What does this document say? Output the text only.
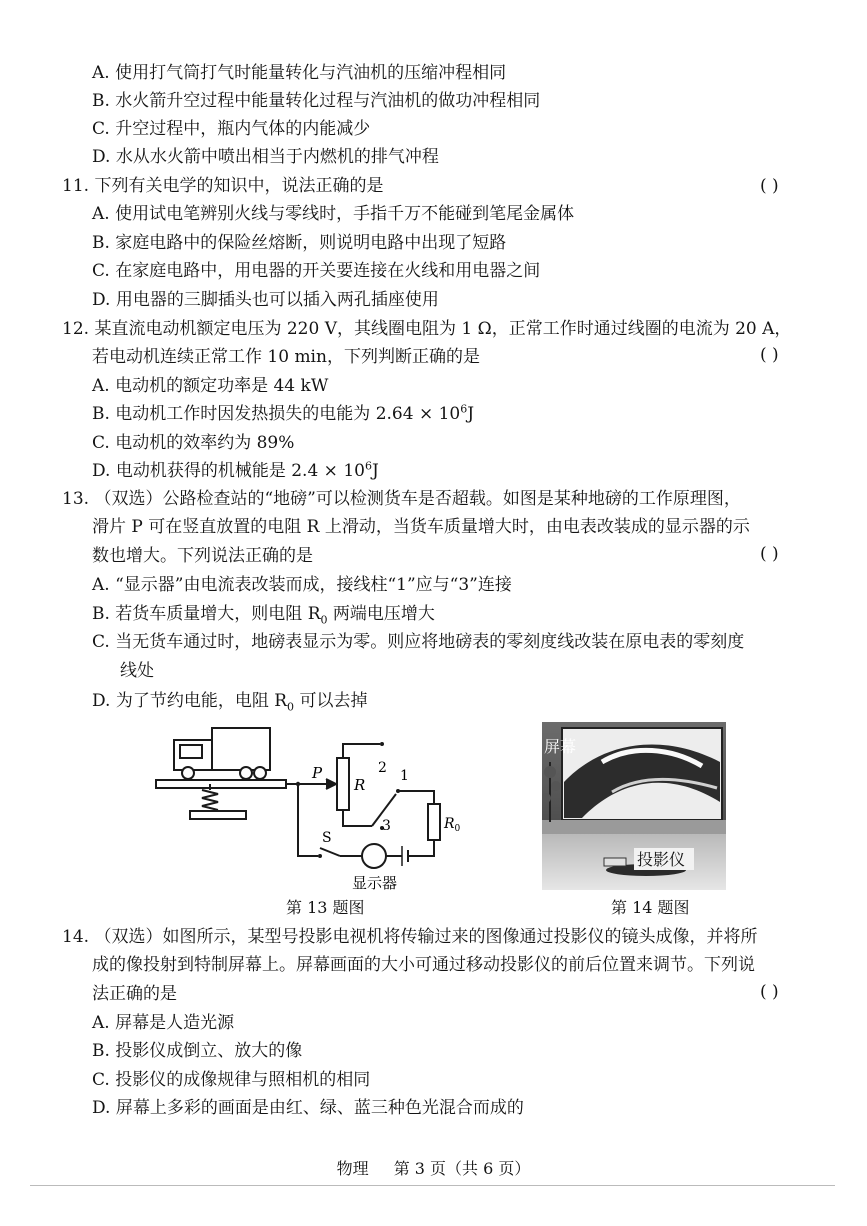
A. 使用打气筒打气时能量转化与汽油机的压缩冲程相同
B. 水火箭升空过程中能量转化过程与汽油机的做功冲程相同
C. 升空过程中，瓶内气体的内能减少
D. 水从水火箭中喷出相当于内燃机的排气冲程
11. 下列有关电学的知识中，说法正确的是	( )
A. 使用试电笔辨别火线与零线时，手指千万不能碰到笔尾金属体
B. 家庭电路中的保险丝熔断，则说明电路中出现了短路
C. 在家庭电路中，用电器的开关要连接在火线和用电器之间
D. 用电器的三脚插头也可以插入两孔插座使用
12. 某直流电动机额定电压为 220 V，其线圈电阻为 1 Ω，正常工作时通过线圈的电流为 20 A，
若电动机连续正常工作 10 min，下列判断正确的是	( )
A. 电动机的额定功率是 44 kW
B. 电动机工作时因发热损失的电能为 $2.64 \times 10^6J$
C. 电动机的效率约为 89%
D. 电动机获得的机械能是 $2.4 \times 10^6J$
13. （双选）公路检查站的“地磅”可以检测货车是否超载。如图是某种地磅的工作原理图，
滑片 P 可在竖直放置的电阻 R 上滑动，当货车质量增大时，由电表改装成的显示器的示
数也增大。下列说法正确的是	( )
A. “显示器”由电流表改装而成，接线柱“1”应与“3”连接
B. 若货车质量增大，则电阻 $R_0$ 两端电压增大
C. 当无货车通过时，地磅表显示为零。则应将地磅表的零刻度线改装在原电表的零刻度
线处
D. 为了节约电能，电阻 $R_0$ 可以去掉
P
R
2 1
3
S
$R_0$
显示器
第 13 题图
屏幕
投影仪
第 14 题图
14. （双选）如图所示，某型号投影电视机将传输过来的图像通过投影仪的镜头成像，并将所
成的像投射到特制屏幕上。屏幕画面的大小可通过移动投影仪的前后位置来调节。下列说
法正确的是	( )
A. 屏幕是人造光源
B. 投影仪成倒立、放大的像
C. 投影仪的成像规律与照相机的相同
D. 屏幕上多彩的画面是由红、绿、蓝三种色光混合而成的
物理 第 3 页（共 6 页）
